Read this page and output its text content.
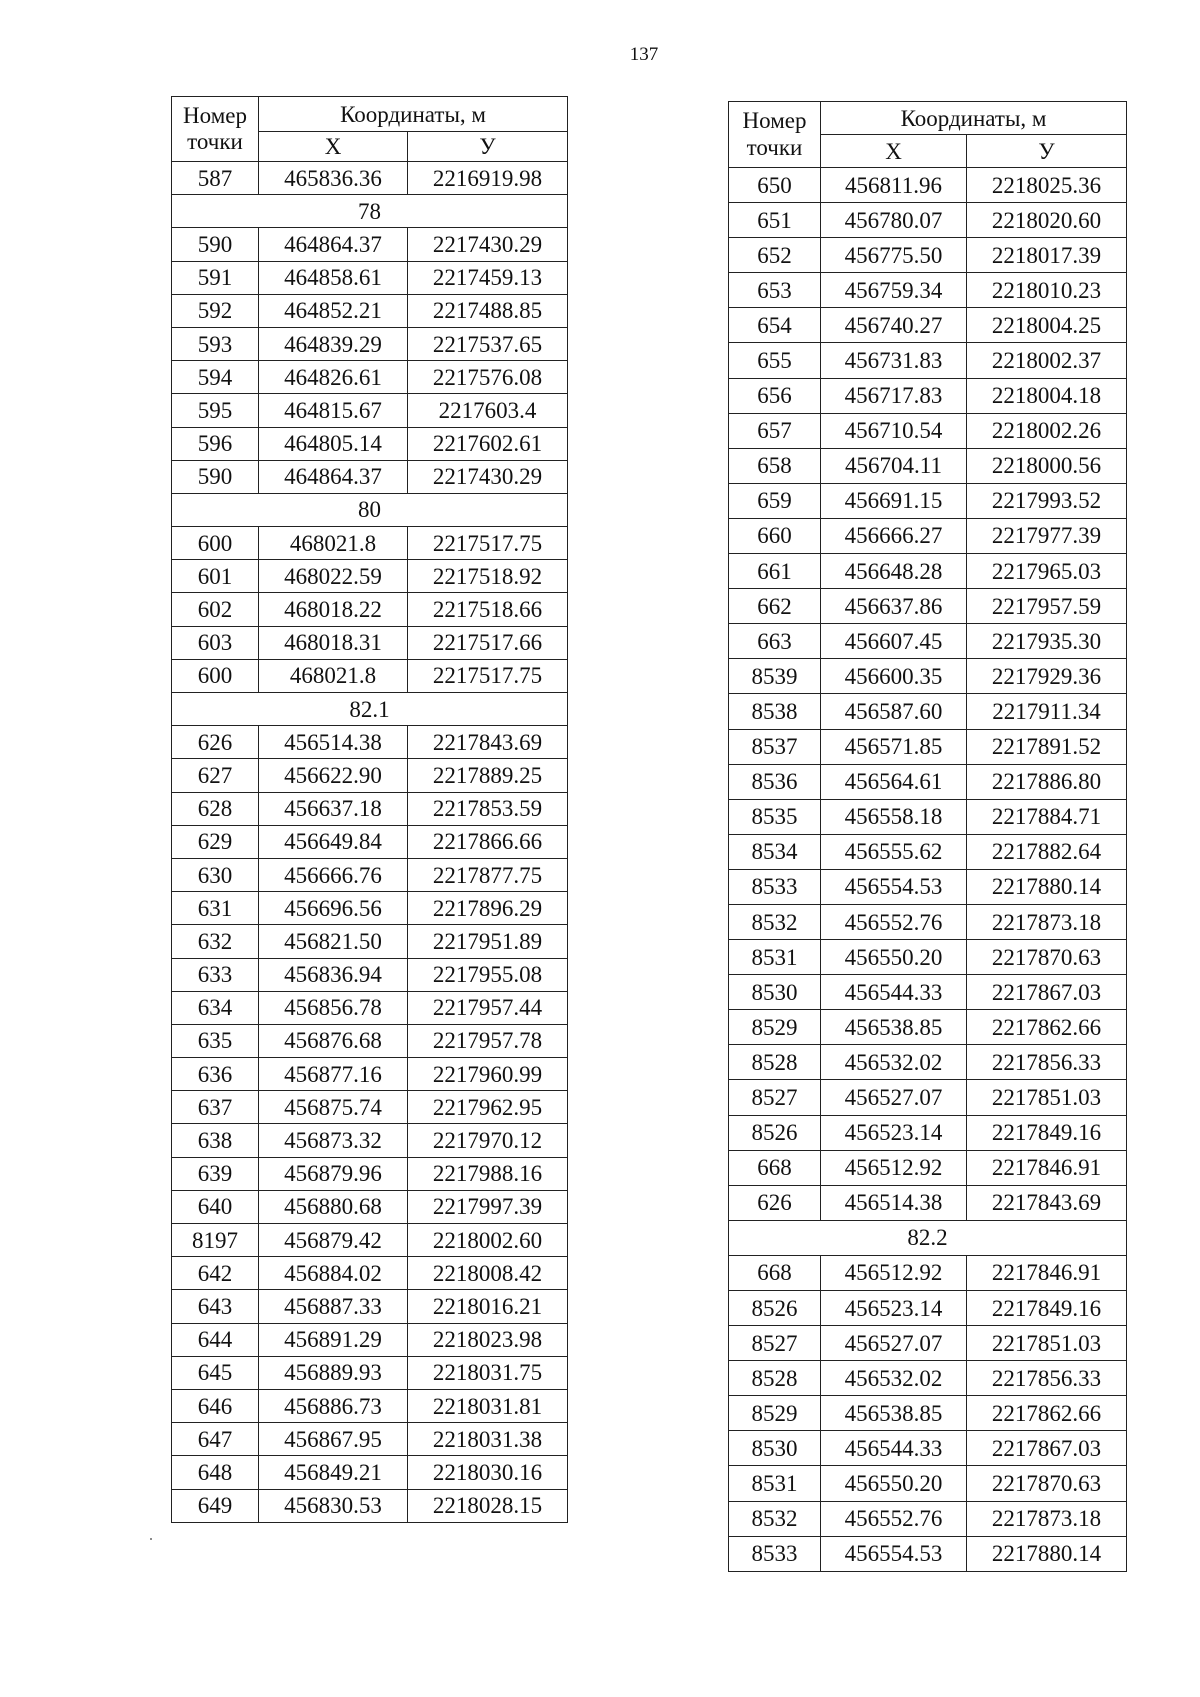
137
Номер точки	Координаты, м	
	Х	У
587	465836.36	2216919.98
78		
590	464864.37	2217430.29
591	464858.61	2217459.13
592	464852.21	2217488.85
593	464839.29	2217537.65
594	464826.61	2217576.08
595	464815.67	2217603.4
596	464805.14	2217602.61
590	464864.37	2217430.29
80		
600	468021.8	2217517.75
601	468022.59	2217518.92
602	468018.22	2217518.66
603	468018.31	2217517.66
600	468021.8	2217517.75
82.1		
626	456514.38	2217843.69
627	456622.90	2217889.25
628	456637.18	2217853.59
629	456649.84	2217866.66
630	456666.76	2217877.75
631	456696.56	2217896.29
632	456821.50	2217951.89
633	456836.94	2217955.08
634	456856.78	2217957.44
635	456876.68	2217957.78
636	456877.16	2217960.99
637	456875.74	2217962.95
638	456873.32	2217970.12
639	456879.96	2217988.16
640	456880.68	2217997.39
8197	456879.42	2218002.60
642	456884.02	2218008.42
643	456887.33	2218016.21
644	456891.29	2218023.98
645	456889.93	2218031.75
646	456886.73	2218031.81
647	456867.95	2218031.38
648	456849.21	2218030.16
649	456830.53	2218028.15
Номер точки	Координаты, м	
	Х	У
650	456811.96	2218025.36
651	456780.07	2218020.60
652	456775.50	2218017.39
653	456759.34	2218010.23
654	456740.27	2218004.25
655	456731.83	2218002.37
656	456717.83	2218004.18
657	456710.54	2218002.26
658	456704.11	2218000.56
659	456691.15	2217993.52
660	456666.27	2217977.39
661	456648.28	2217965.03
662	456637.86	2217957.59
663	456607.45	2217935.30
8539	456600.35	2217929.36
8538	456587.60	2217911.34
8537	456571.85	2217891.52
8536	456564.61	2217886.80
8535	456558.18	2217884.71
8534	456555.62	2217882.64
8533	456554.53	2217880.14
8532	456552.76	2217873.18
8531	456550.20	2217870.63
8530	456544.33	2217867.03
8529	456538.85	2217862.66
8528	456532.02	2217856.33
8527	456527.07	2217851.03
8526	456523.14	2217849.16
668	456512.92	2217846.91
626	456514.38	2217843.69
82.2		
668	456512.92	2217846.91
8526	456523.14	2217849.16
8527	456527.07	2217851.03
8528	456532.02	2217856.33
8529	456538.85	2217862.66
8530	456544.33	2217867.03
8531	456550.20	2217870.63
8532	456552.76	2217873.18
8533	456554.53	2217880.14
